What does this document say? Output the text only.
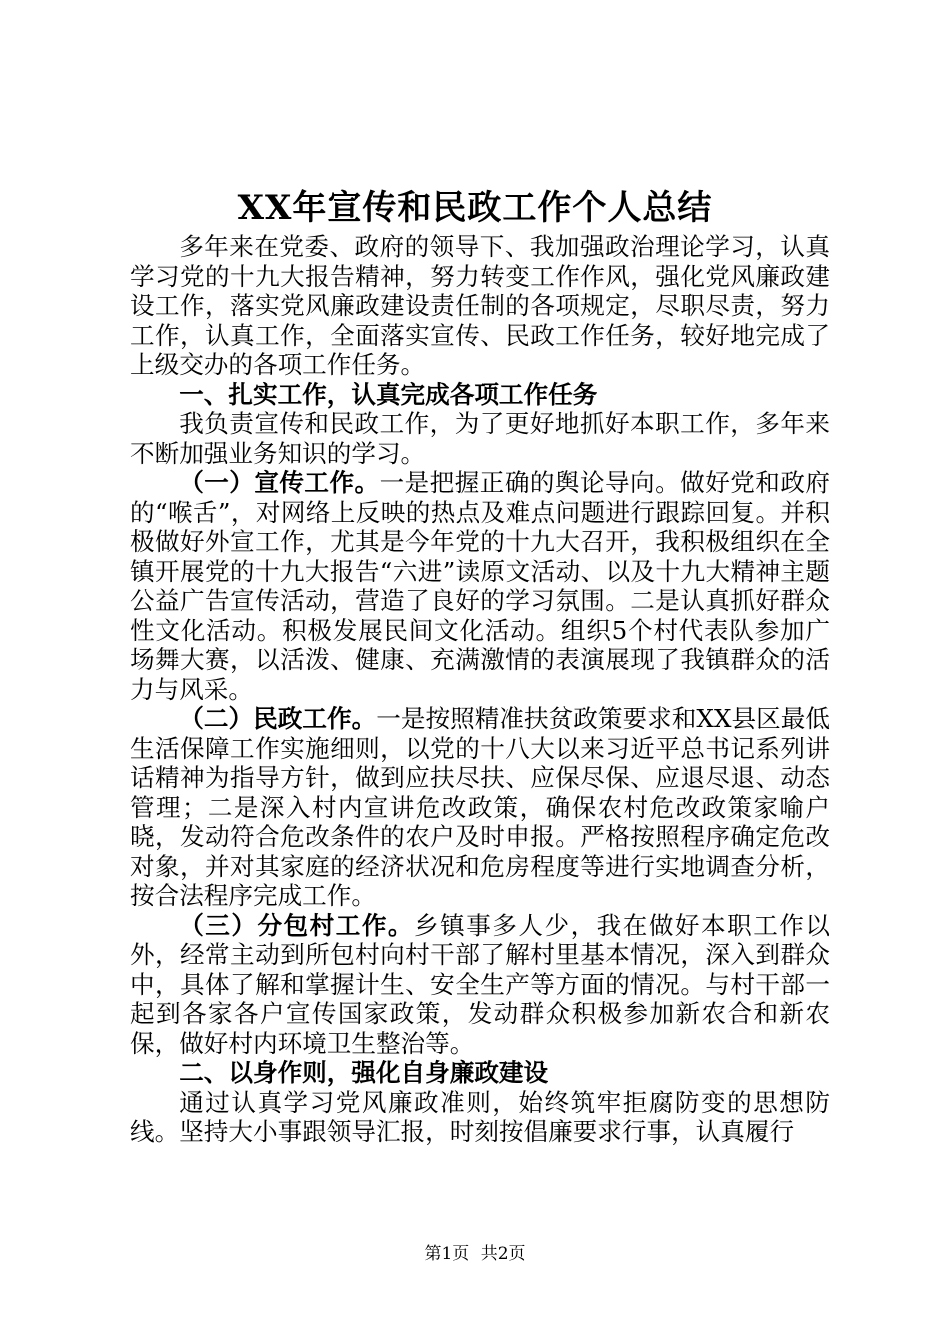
XX年宣传和民政工作个人总结

多年来在党委、政府的领导下、我加强政治理论学习，认真学习党的十九大报告精神，努力转变工作作风，强化党风廉政建设工作，落实党风廉政建设责任制的各项规定，尽职尽责，努力工作，认真工作，全面落实宣传、民政工作任务，较好地完成了上级交办的各项工作任务。

一、扎实工作，认真完成各项工作任务

我负责宣传和民政工作，为了更好地抓好本职工作，多年来不断加强业务知识的学习。

（一）宣传工作。一是把握正确的舆论导向。做好党和政府的“喉舌”，对网络上反映的热点及难点问题进行跟踪回复。并积极做好外宣工作，尤其是今年党的十九大召开，我积极组织在全镇开展党的十九大报告“六进”读原文活动、以及十九大精神主题公益广告宣传活动，营造了良好的学习氛围。二是认真抓好群众性文化活动。积极发展民间文化活动。组织5个村代表队参加广场舞大赛，以活泼、健康、充满激情的表演展现了我镇群众的活力与风采。

（二）民政工作。一是按照精准扶贫政策要求和XX县区最低生活保障工作实施细则，以党的十八大以来习近平总书记系列讲话精神为指导方针，做到应扶尽扶、应保尽保、应退尽退、动态管理；二是深入村内宣讲危改政策，确保农村危改政策家喻户晓，发动符合危改条件的农户及时申报。严格按照程序确定危改对象，并对其家庭的经济状况和危房程度等进行实地调查分析，按合法程序完成工作。

（三）分包村工作。乡镇事多人少，我在做好本职工作以外，经常主动到所包村向村干部了解村里基本情况，深入到群众中，具体了解和掌握计生、安全生产等方面的情况。与村干部一起到各家各户宣传国家政策，发动群众积极参加新农合和新农保，做好村内环境卫生整治等。

二、以身作则，强化自身廉政建设

通过认真学习党风廉政准则，始终筑牢拒腐防变的思想防线。坚持大小事跟领导汇报，时刻按倡廉要求行事，认真履行

第1页 共2页
